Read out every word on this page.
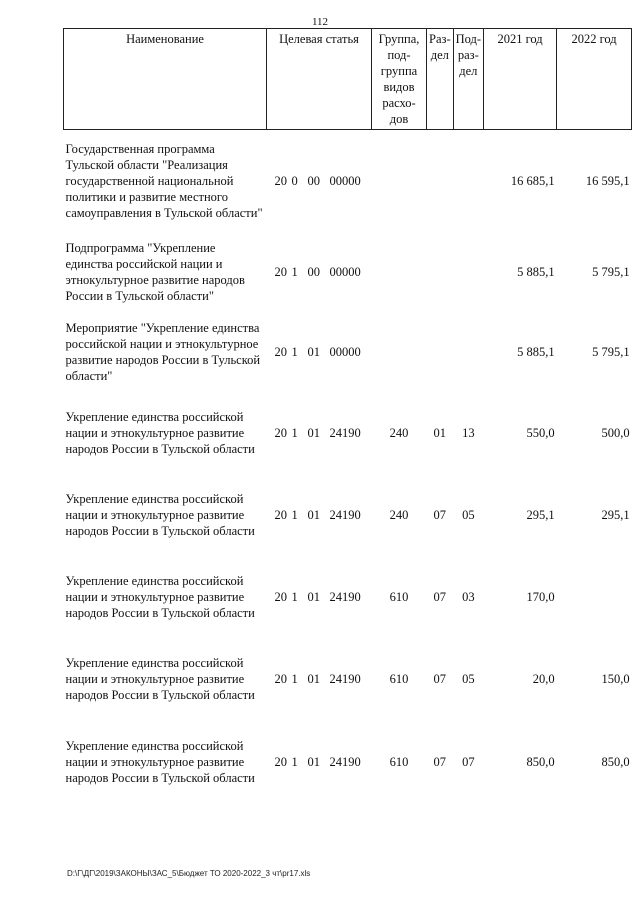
112
Наименование	Целевая статья	Группа, под-группа видов расхо-дов	Раз-дел	Под-раз-дел	2021 год	2022 год
Государственная программа Тульской области "Реализация государственной национальной политики и развитие местного самоуправления в Тульской области"	20 0 00 00000				16 685,1	16 595,1
Подпрограмма "Укрепление единства российской нации и этнокультурное развитие народов России в Тульской области"	20 1 00 00000				5 885,1	5 795,1
Мероприятие "Укрепление единства российской нации и этнокультурное развитие народов России в Тульской области"	20 1 01 00000				5 885,1	5 795,1
Укрепление единства российской нации и этнокультурное развитие народов России в Тульской области	20 1 01 24190	240	01	13	550,0	500,0
Укрепление единства российской нации и этнокультурное развитие народов России в Тульской области	20 1 01 24190	240	07	05	295,1	295,1
Укрепление единства российской нации и этнокультурное развитие народов России в Тульской области	20 1 01 24190	610	07	03	170,0	
Укрепление единства российской нации и этнокультурное развитие народов России в Тульской области	20 1 01 24190	610	07	05	20,0	150,0
Укрепление единства российской нации и этнокультурное развитие народов России в Тульской области	20 1 01 24190	610	07	07	850,0	850,0
D:\Г\ДГ\2019\ЗАКОНЫ\ЗАС_5\Бюджет ТО 2020-2022_3 чт\pr17.xls
